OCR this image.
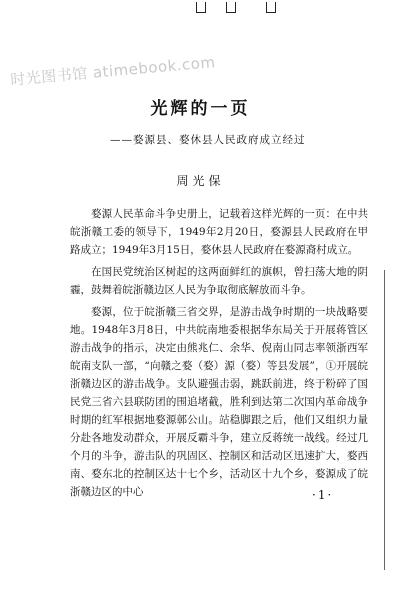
时光图书馆 atimebook.com
光辉的一页
——婺源县、婺休县人民政府成立经过
周光保

婺源人民革命斗争史册上，记载着这样光辉的一页：在中共皖浙赣工委的领导下，1949年2月20日，婺源县人民政府在甲路成立；1949年3月15日，婺休县人民政府在婺源裔村成立。

在国民党统治区树起的这两面鲜红的旗帜，曾扫荡大地的阴霾，鼓舞着皖浙赣边区人民为争取彻底解放而斗争。

婺源，位于皖浙赣三省交界，是游击战争时期的一块战略要地。1948年3月8日，中共皖南地委根据华东局关于开展蒋管区游击战争的指示，决定由熊兆仁、余华、倪南山同志率领浙西军皖南支队一部，“向赣之婺（婺）源（婺）等县发展”，①开展皖浙赣边区的游击战争。支队避强击弱，跳跃前进，终于粉碎了国民党三省六县联防团的围追堵截，胜利到达第二次国内革命战争时期的红军根据地婺源鄣公山。站稳脚跟之后，他们又组织力量分赴各地发动群众，开展反霸斗争，建立反蒋统一战线。经过几个月的斗争，游击队的巩固区、控制区和活动区迅速扩大，婺西南、婺东北的控制区达十七个乡，活动区十九个乡，婺源成了皖浙赣边区的中心	·1·
